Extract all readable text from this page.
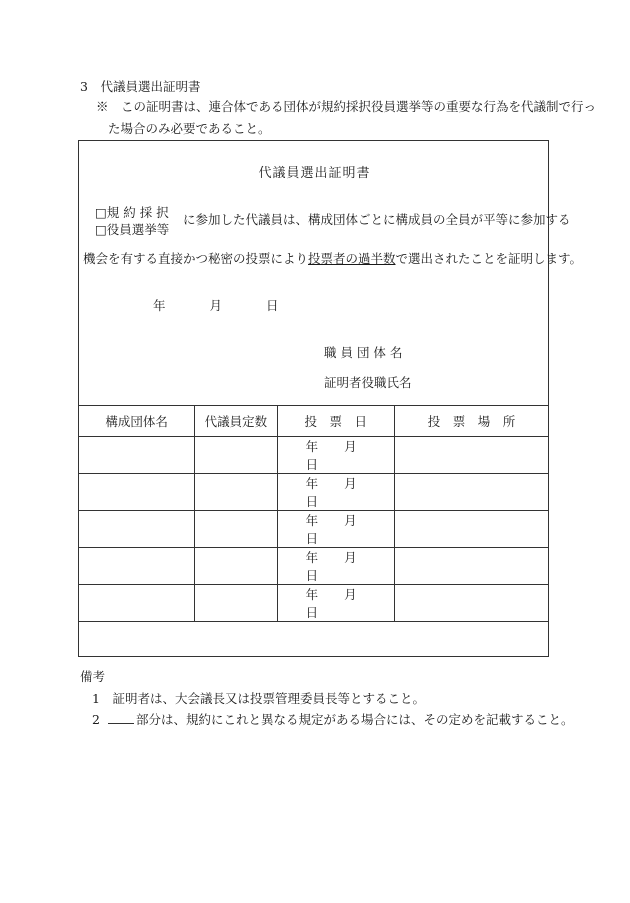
3　代議員選出証明書
※　この証明書は、連合体である団体が規約採択役員選挙等の重要な行為を代議制で行っ
た場合のみ必要であること。
代議員選出証明書
□規 約 採 択
□役員選挙等
に参加した代議員は、構成団体ごとに構成員の全員が平等に参加する
機会を有する直接かつ秘密の投票により投票者の過半数で選出されたことを証明します。
年	月	日
職 員 団 体 名
証明者役職氏名
構成団体名	代議員定数	投　票　日	投　票　場　所
		年 月日	
		年 月日	
		年 月日	
		年 月日	
		年 月日	
備考
1　証明者は、大会議長又は投票管理委員長等とすること。
2	部分は、規約にこれと異なる規定がある場合には、その定めを記載すること。
